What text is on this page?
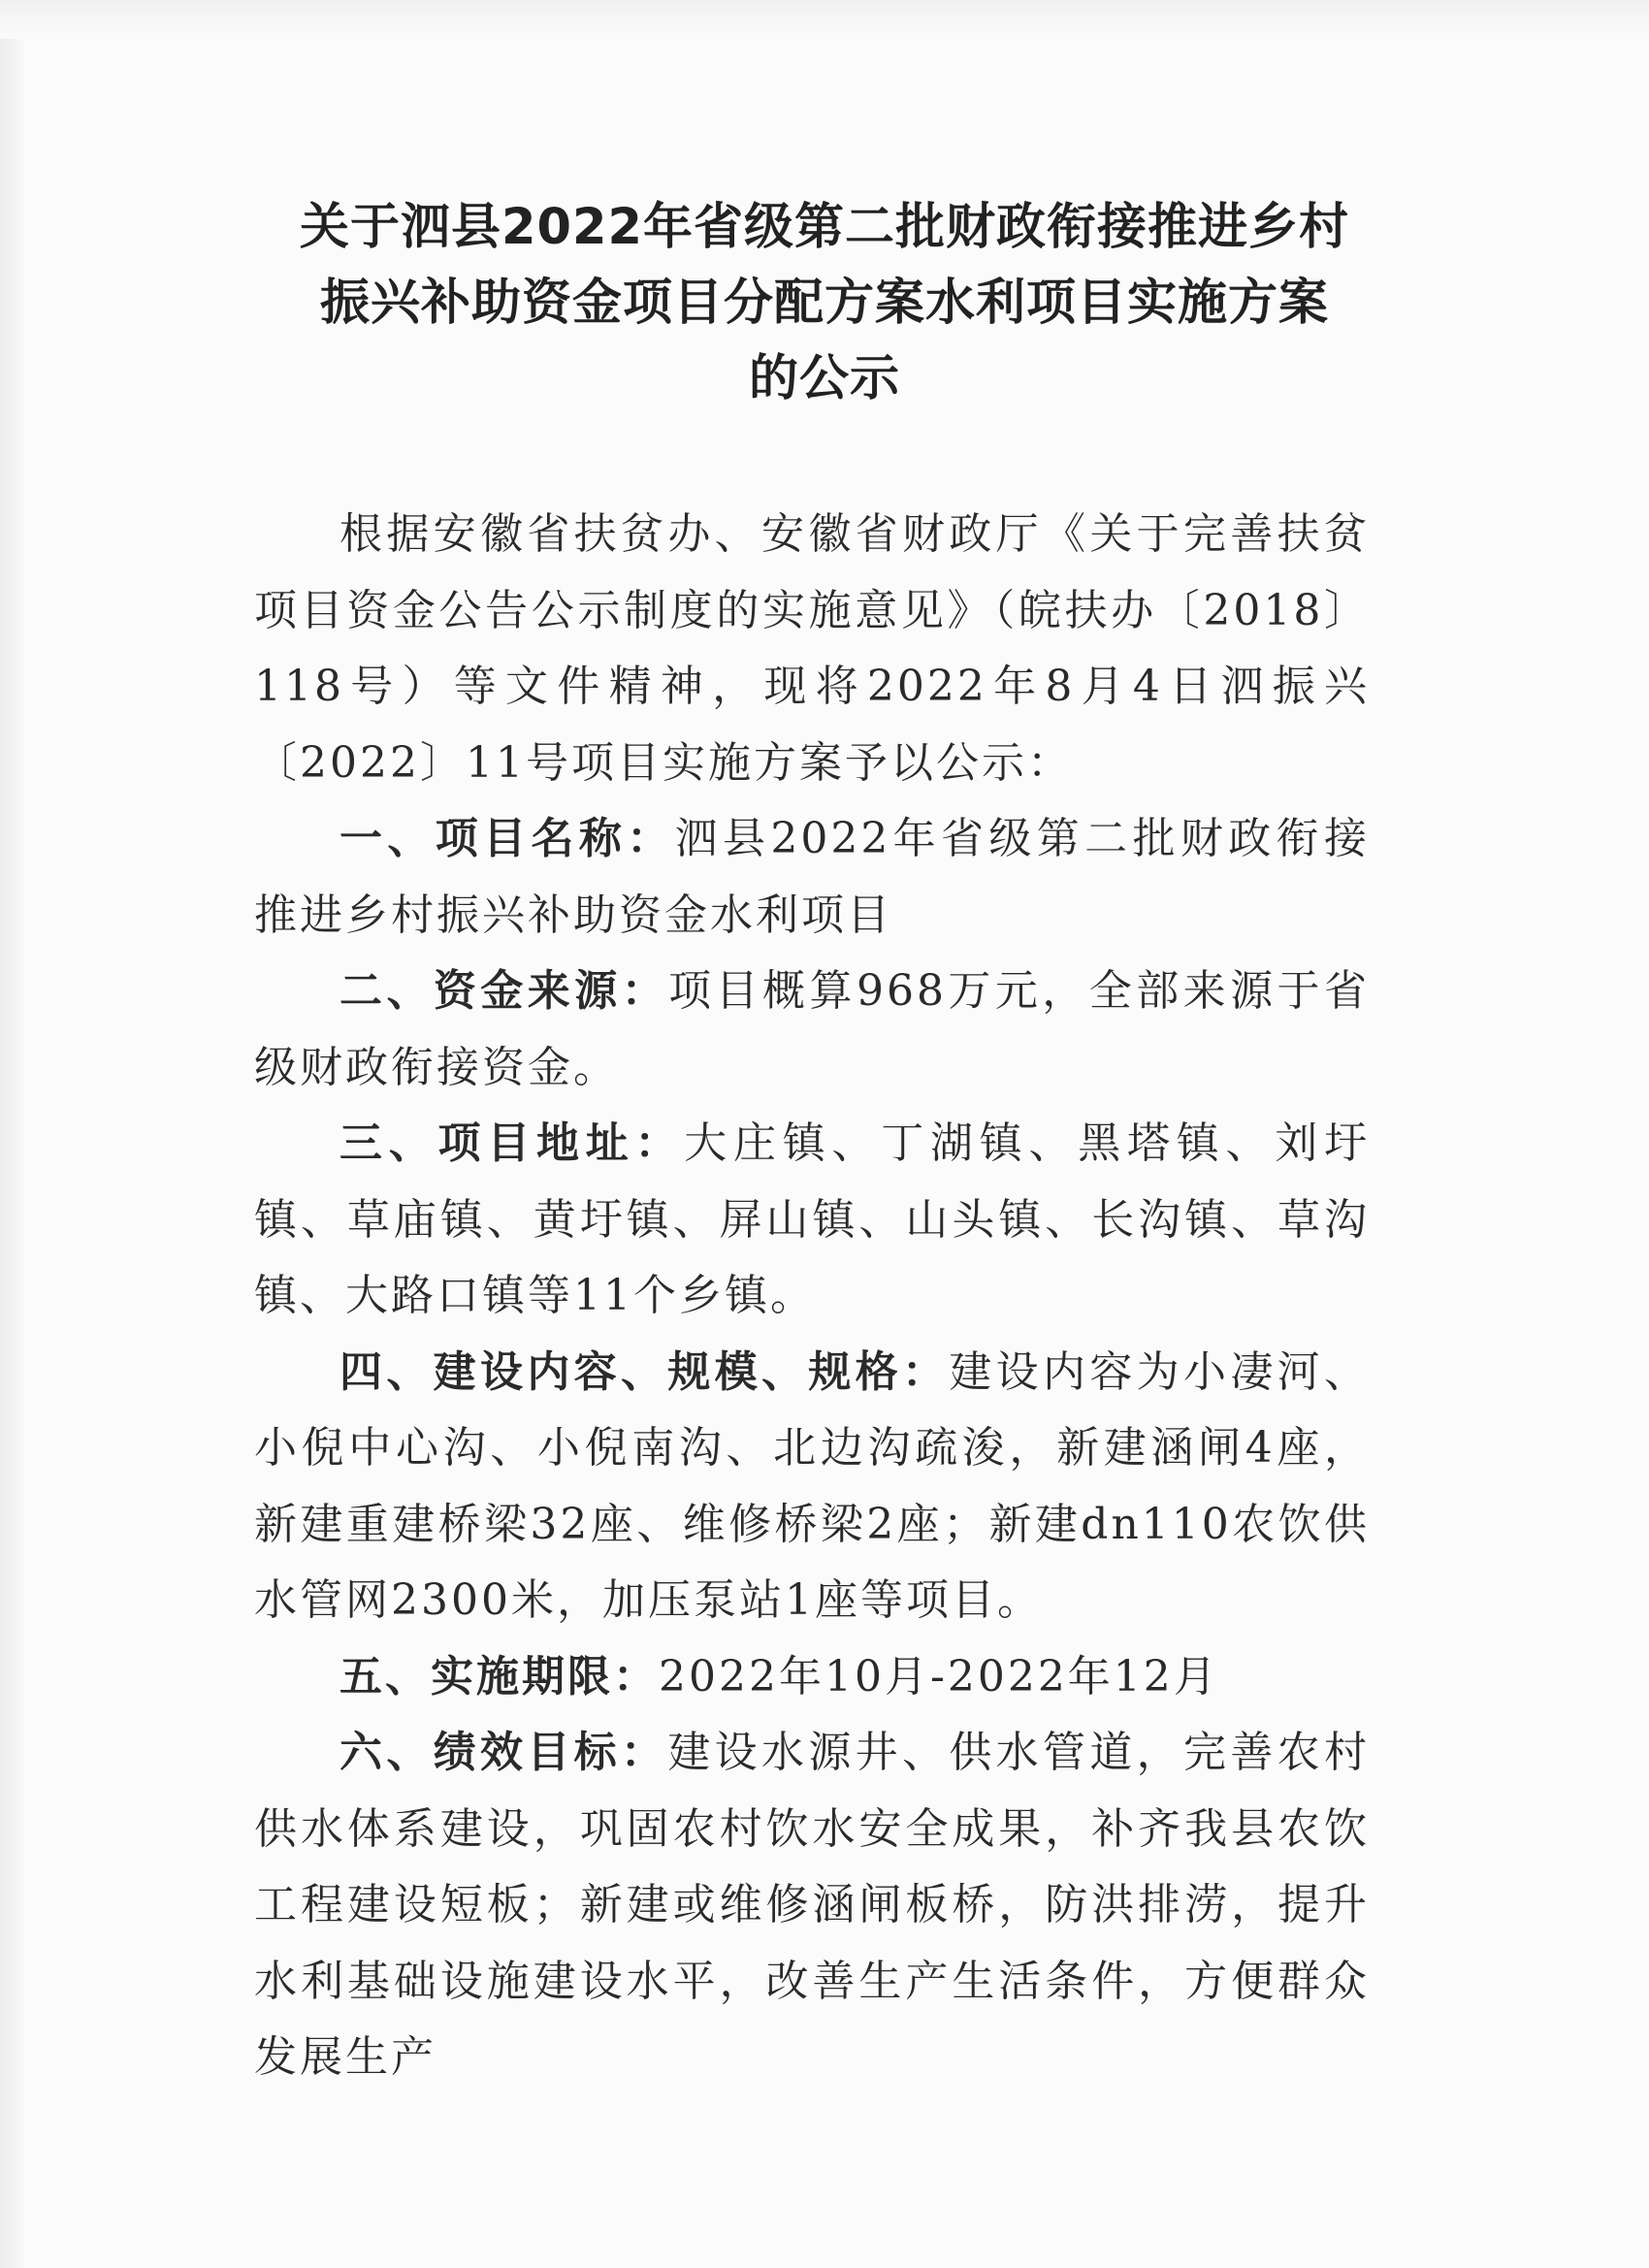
关于泗县2022年省级第二批财政衔接推进乡村
振兴补助资金项目分配方案水利项目实施方案
的公示

根据安徽省扶贫办、安徽省财政厅《关于完善扶贫项目资金公告公示制度的实施意见》（皖扶办〔2018〕118号）等文件精神，现将2022年8月4日泗振兴〔2022〕11号项目实施方案予以公示：

一、项目名称：泗县2022年省级第二批财政衔接推进乡村振兴补助资金水利项目

二、资金来源：项目概算968万元，全部来源于省级财政衔接资金。

三、项目地址：大庄镇、丁湖镇、黑塔镇、刘圩镇、草庙镇、黄圩镇、屏山镇、山头镇、长沟镇、草沟镇、大路口镇等11个乡镇。

四、建设内容、规模、规格：建设内容为小凄河、小倪中心沟、小倪南沟、北边沟疏浚，新建涵闸4座，新建重建桥梁32座、维修桥梁2座；新建dn110农饮供水管网2300米，加压泵站1座等项目。

五、实施期限：2022年10月-2022年12月

六、绩效目标：建设水源井、供水管道，完善农村供水体系建设，巩固农村饮水安全成果，补齐我县农饮工程建设短板；新建或维修涵闸板桥，防洪排涝，提升水利基础设施建设水平，改善生产生活条件，方便群众发展生产
